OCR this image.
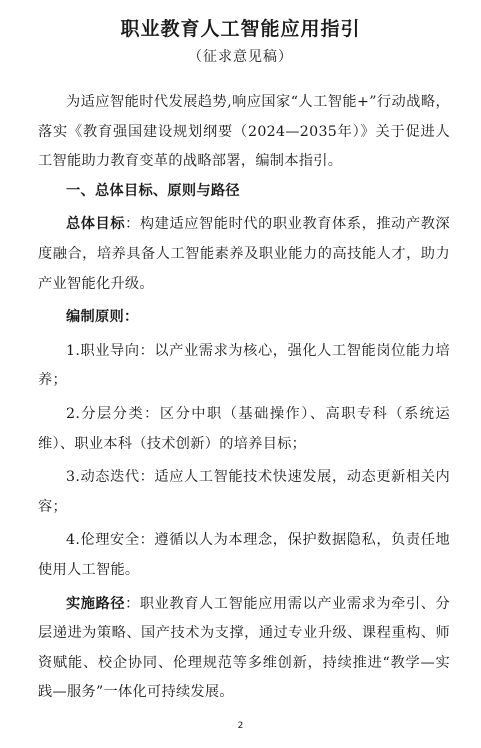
职业教育人工智能应用指引
（征求意见稿）

为适应智能时代发展趋势,响应国家“人工智能+”行动战略，落实《教育强国建设规划纲要（2024—2035年）》关于促进人工智能助力教育变革的战略部署，编制本指引。

一、总体目标、原则与路径

总体目标：构建适应智能时代的职业教育体系，推动产教深度融合，培养具备人工智能素养及职业能力的高技能人才，助力产业智能化升级。

编制原则：

1.职业导向：以产业需求为核心，强化人工智能岗位能力培养；

2.分层分类：区分中职（基础操作）、高职专科（系统运维）、职业本科（技术创新）的培养目标；

3.动态迭代：适应人工智能技术快速发展，动态更新相关内容；

4.伦理安全：遵循以人为本理念，保护数据隐私，负责任地使用人工智能。

实施路径：职业教育人工智能应用需以产业需求为牵引、分层递进为策略、国产技术为支撑，通过专业升级、课程重构、师资赋能、校企协同、伦理规范等多维创新，持续推进“教学—实践—服务”一体化可持续发展。

2
